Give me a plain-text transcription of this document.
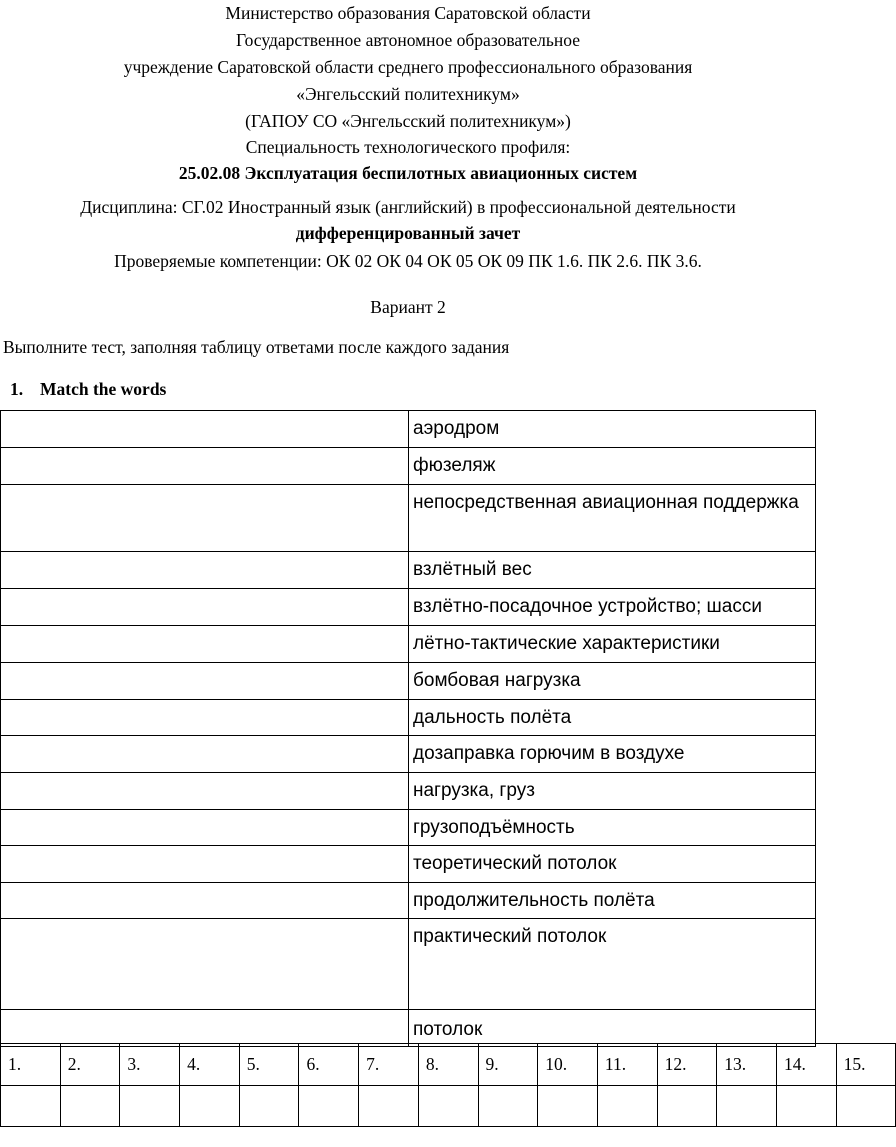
Министерство образования Саратовской области
Государственное автономное образовательное
учреждение Саратовской области среднего профессионального образования
«Энгельсский политехникум»
(ГАПОУ СО «Энгельсский политехникум»)
Специальность технологического профиля:
25.02.08 Эксплуатация беспилотных авиационных систем
Дисциплина: СГ.02 Иностранный язык (английский) в профессиональной деятельности
дифференцированный зачет
Проверяемые компетенции: ОК 02 ОК 04 ОК 05 ОК 09 ПК 1.6. ПК 2.6. ПК 3.6.
Вариант 2
Выполните тест, заполняя таблицу ответами после каждого задания
1. Match the words
	аэродром
	фюзеляж
	непосредственная авиационная поддержка
	взлётный вес
	взлётно-посадочное устройство; шасси
	лётно-тактические характеристики
	бомбовая нагрузка
	дальность полёта
	дозаправка горючим в воздухе
	нагрузка, груз
	грузоподъёмность
	теоретический потолок
	продолжительность полёта
	практический потолок
	потолок
1.	2.	3.	4.	5.	6.	7.	8.	9.	10.	11.	12.	13.	14.	15.
